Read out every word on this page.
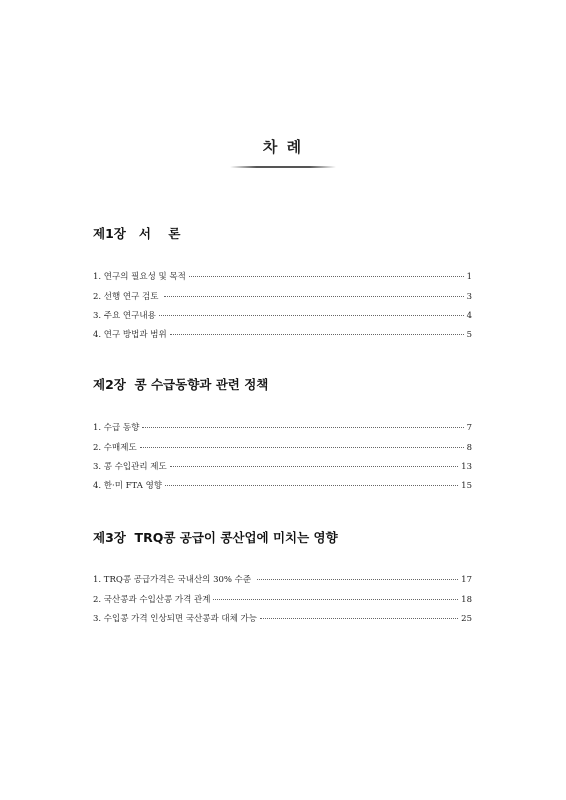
차 례
제1장   서    론
1. 연구의 필요성 및 목적	1
2. 선행 연구 검토	3
3. 주요 연구내용	4
4. 연구 방법과 범위	5
제2장  콩 수급동향과 관련 정책
1. 수급 동향	7
2. 수매제도	8
3. 콩 수입관리 제도	13
4. 한·미 FTA 영향	15
제3장  TRQ콩 공급이 콩산업에 미치는 영향
1. TRQ콩 공급가격은 국내산의 30% 수준	17
2. 국산콩과 수입산콩 가격 관계	18
3. 수입콩 가격 인상되면 국산콩과 대체 가능	25
